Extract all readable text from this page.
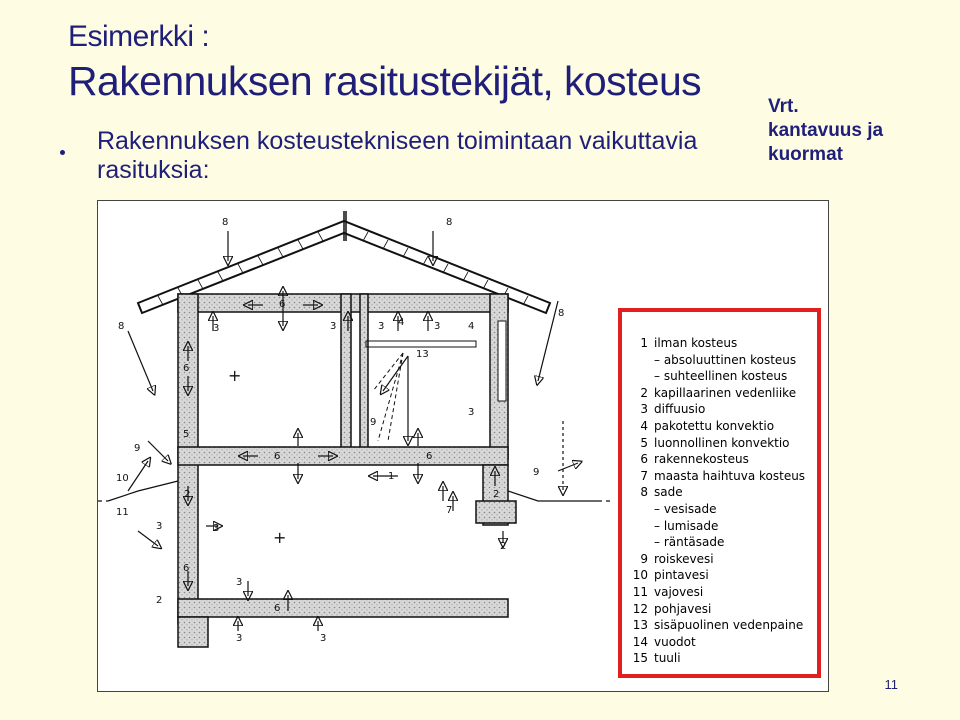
Esimerkki :
Rakennuksen rasitustekijät, kosteus
Rakennuksen kosteustekniseen toimintaan vaikuttavia rasituksia:
Vrt.
kantavuus ja
kuormat
8	8
8
8
6
3	3	3	3
4	4
13
9
6
5
6	6
1
2	2
2
2
7
9
9
10
11
3	3
3
3	3
3
6
6
+
+
1 ilman kosteus
– absoluuttinen kosteus
– suhteellinen kosteus
2 kapillaarinen vedenliike
3 diffuusio
4 pakotettu konvektio
5 luonnollinen konvektio
6 rakennekosteus
7 maasta haihtuva kosteus
8 sade
– vesisade
– lumisade
– räntäsade
9 roiskevesi
10 pintavesi
11 vajovesi
12 pohjavesi
13 sisäpuolinen vedenpaine
14 vuodot
15 tuuli
11
